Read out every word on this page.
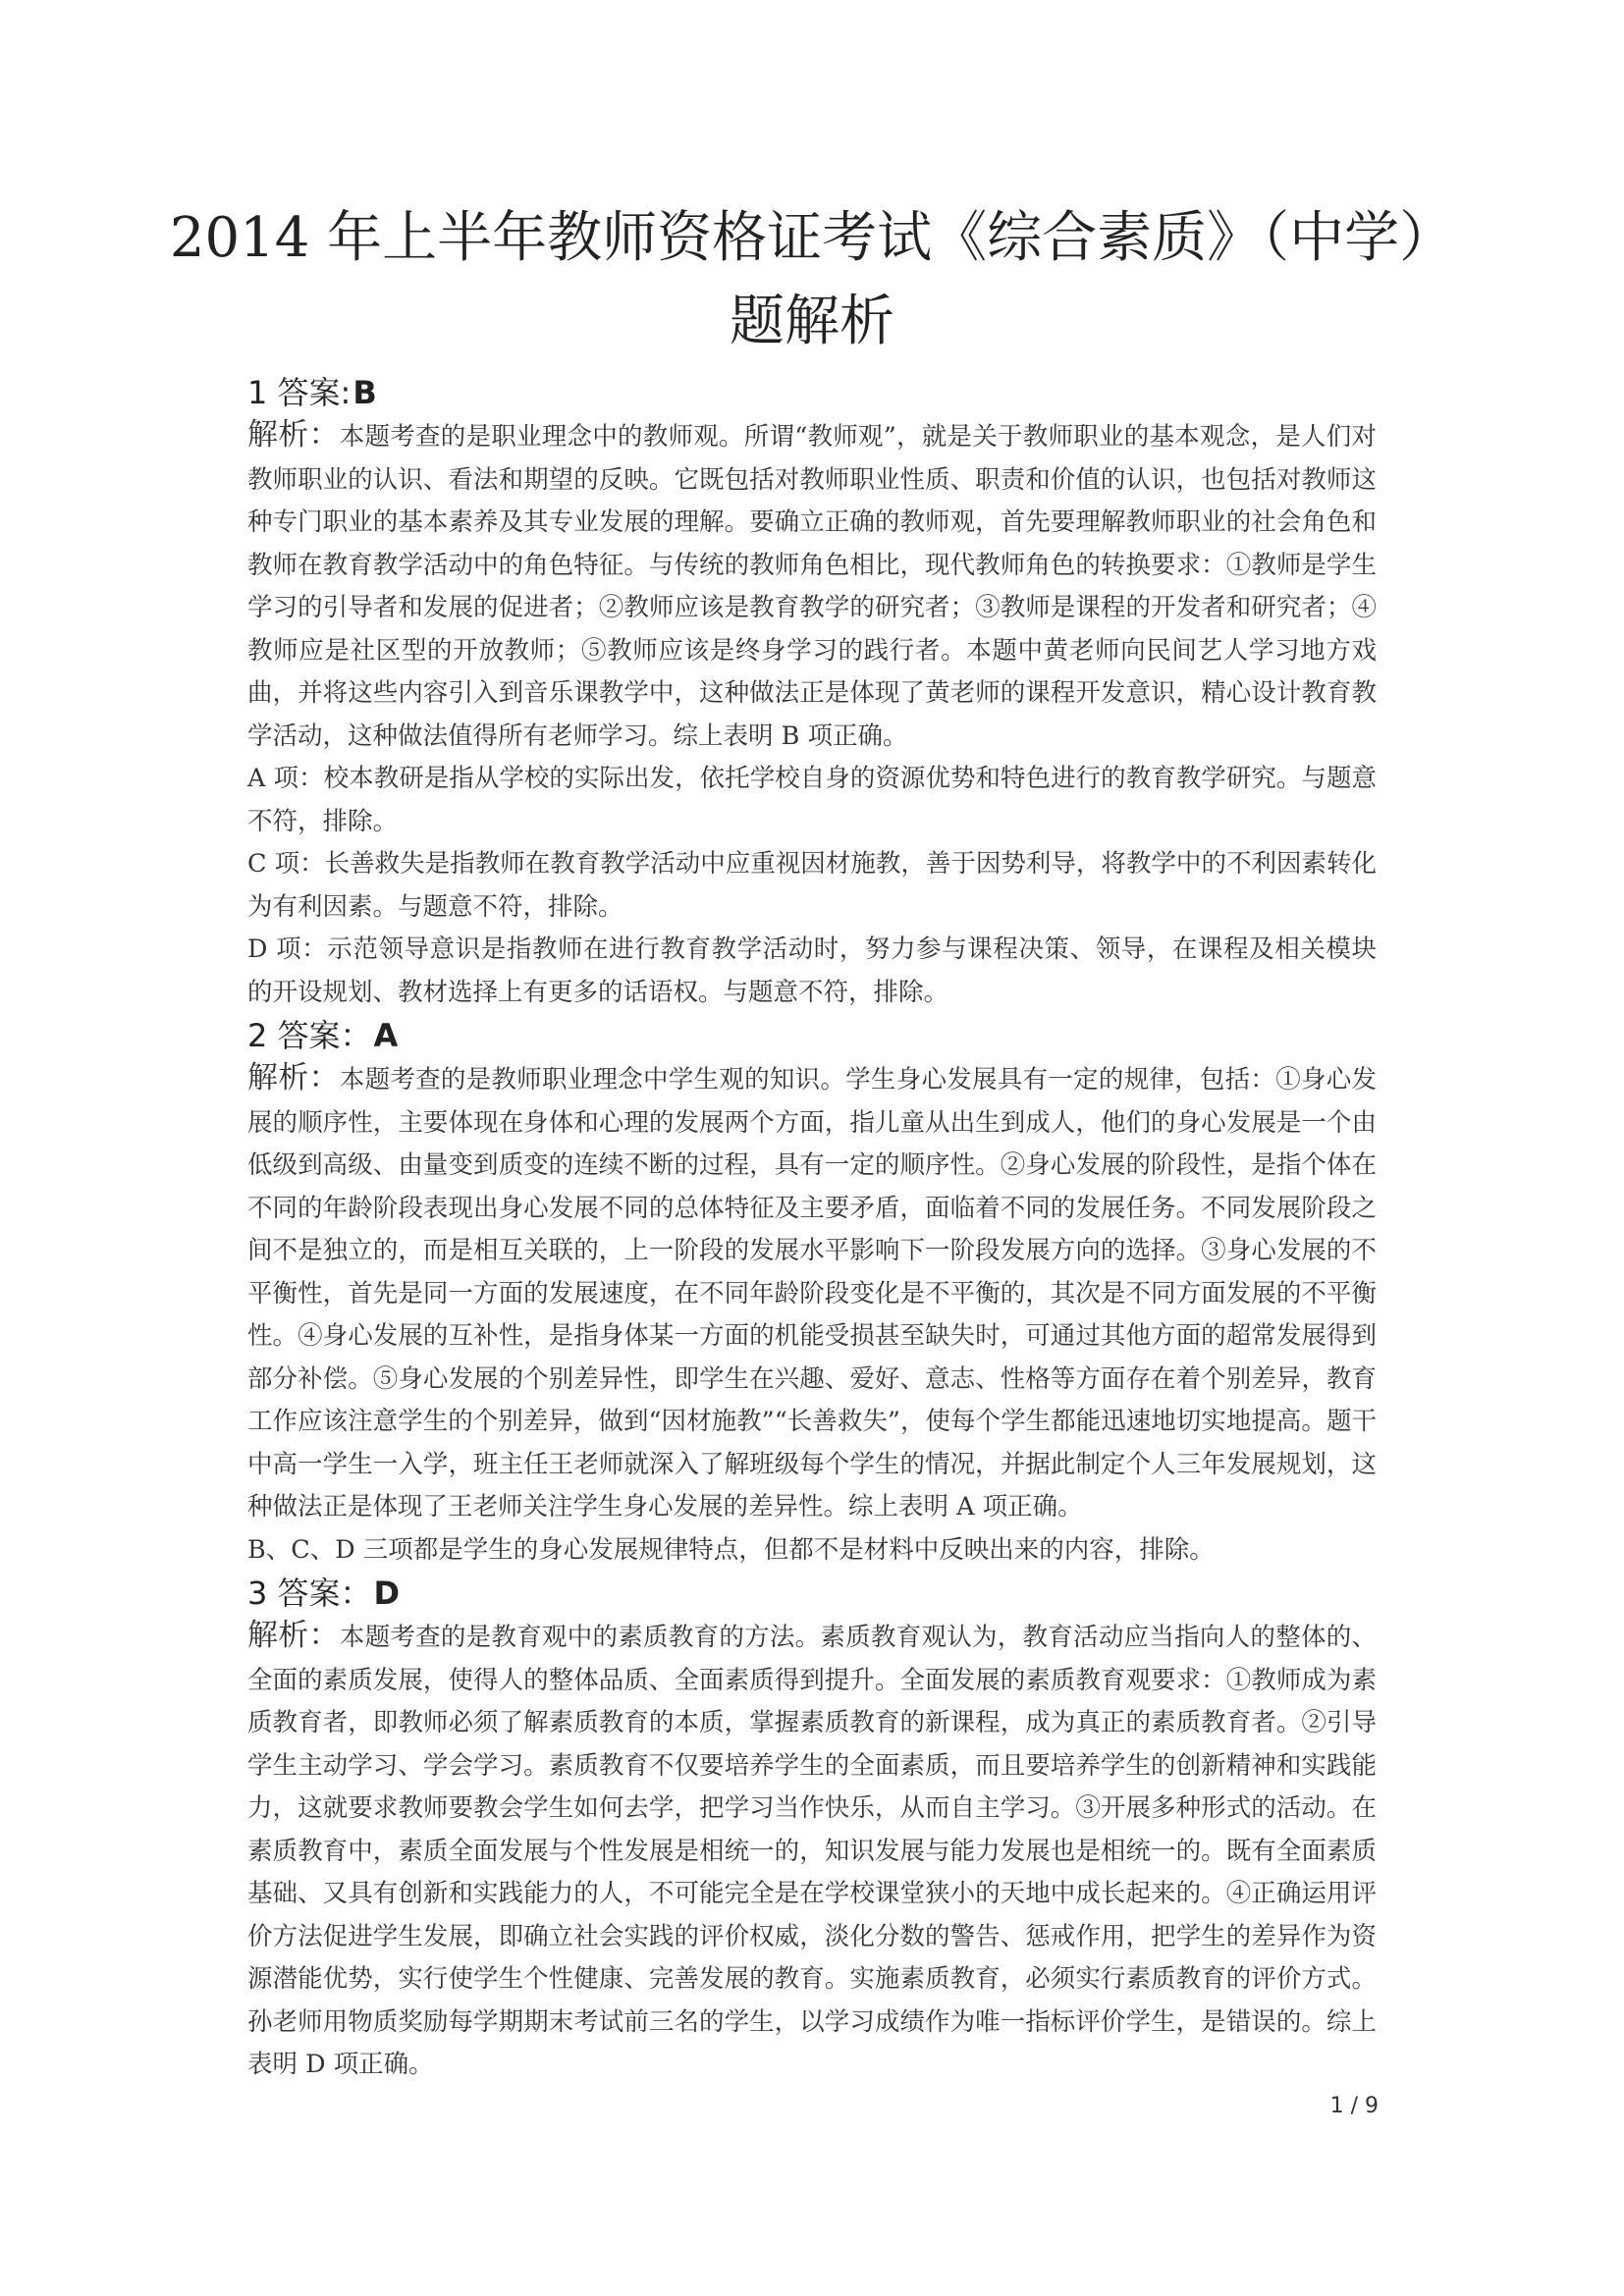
2014 年上半年教师资格证考试《综合素质》（中学）
题解析

1 答案:B

解析：本题考查的是职业理念中的教师观。所谓“教师观”，就是关于教师职业的基本观念，是人们对教师职业的认识、看法和期望的反映。它既包括对教师职业性质、职责和价值的认识，也包括对教师这种专门职业的基本素养及其专业发展的理解。要确立正确的教师观，首先要理解教师职业的社会角色和教师在教育教学活动中的角色特征。与传统的教师角色相比，现代教师角色的转换要求：①教师是学生学习的引导者和发展的促进者；②教师应该是教育教学的研究者；③教师是课程的开发者和研究者；④教师应是社区型的开放教师；⑤教师应该是终身学习的践行者。本题中黄老师向民间艺人学习地方戏曲，并将这些内容引入到音乐课教学中，这种做法正是体现了黄老师的课程开发意识，精心设计教育教学活动，这种做法值得所有老师学习。综上表明 B 项正确。

A 项：校本教研是指从学校的实际出发，依托学校自身的资源优势和特色进行的教育教学研究。与题意不符，排除。

C 项：长善救失是指教师在教育教学活动中应重视因材施教，善于因势利导，将教学中的不利因素转化为有利因素。与题意不符，排除。

D 项：示范领导意识是指教师在进行教育教学活动时，努力参与课程决策、领导，在课程及相关模块的开设规划、教材选择上有更多的话语权。与题意不符，排除。

2 答案：A

解析：本题考查的是教师职业理念中学生观的知识。学生身心发展具有一定的规律，包括：①身心发展的顺序性，主要体现在身体和心理的发展两个方面，指儿童从出生到成人，他们的身心发展是一个由低级到高级、由量变到质变的连续不断的过程，具有一定的顺序性。②身心发展的阶段性，是指个体在不同的年龄阶段表现出身心发展不同的总体特征及主要矛盾，面临着不同的发展任务。不同发展阶段之间不是独立的，而是相互关联的，上一阶段的发展水平影响下一阶段发展方向的选择。③身心发展的不平衡性，首先是同一方面的发展速度，在不同年龄阶段变化是不平衡的，其次是不同方面发展的不平衡性。④身心发展的互补性，是指身体某一方面的机能受损甚至缺失时，可通过其他方面的超常发展得到部分补偿。⑤身心发展的个别差异性，即学生在兴趣、爱好、意志、性格等方面存在着个别差异，教育工作应该注意学生的个别差异，做到“因材施教”“长善救失”，使每个学生都能迅速地切实地提高。题干中高一学生一入学，班主任王老师就深入了解班级每个学生的情况，并据此制定个人三年发展规划，这种做法正是体现了王老师关注学生身心发展的差异性。综上表明 A 项正确。

B、C、D 三项都是学生的身心发展规律特点，但都不是材料中反映出来的内容，排除。

3 答案：D

解析：本题考查的是教育观中的素质教育的方法。素质教育观认为，教育活动应当指向人的整体的、全面的素质发展，使得人的整体品质、全面素质得到提升。全面发展的素质教育观要求：①教师成为素质教育者，即教师必须了解素质教育的本质，掌握素质教育的新课程，成为真正的素质教育者。②引导学生主动学习、学会学习。素质教育不仅要培养学生的全面素质，而且要培养学生的创新精神和实践能力，这就要求教师要教会学生如何去学，把学习当作快乐，从而自主学习。③开展多种形式的活动。在素质教育中，素质全面发展与个性发展是相统一的，知识发展与能力发展也是相统一的。既有全面素质基础、又具有创新和实践能力的人，不可能完全是在学校课堂狭小的天地中成长起来的。④正确运用评价方法促进学生发展，即确立社会实践的评价权威，淡化分数的警告、惩戒作用，把学生的差异作为资源潜能优势，实行使学生个性健康、完善发展的教育。实施素质教育，必须实行素质教育的评价方式。孙老师用物质奖励每学期期末考试前三名的学生，以学习成绩作为唯一指标评价学生，是错误的。综上表明 D 项正确。

1 / 9
